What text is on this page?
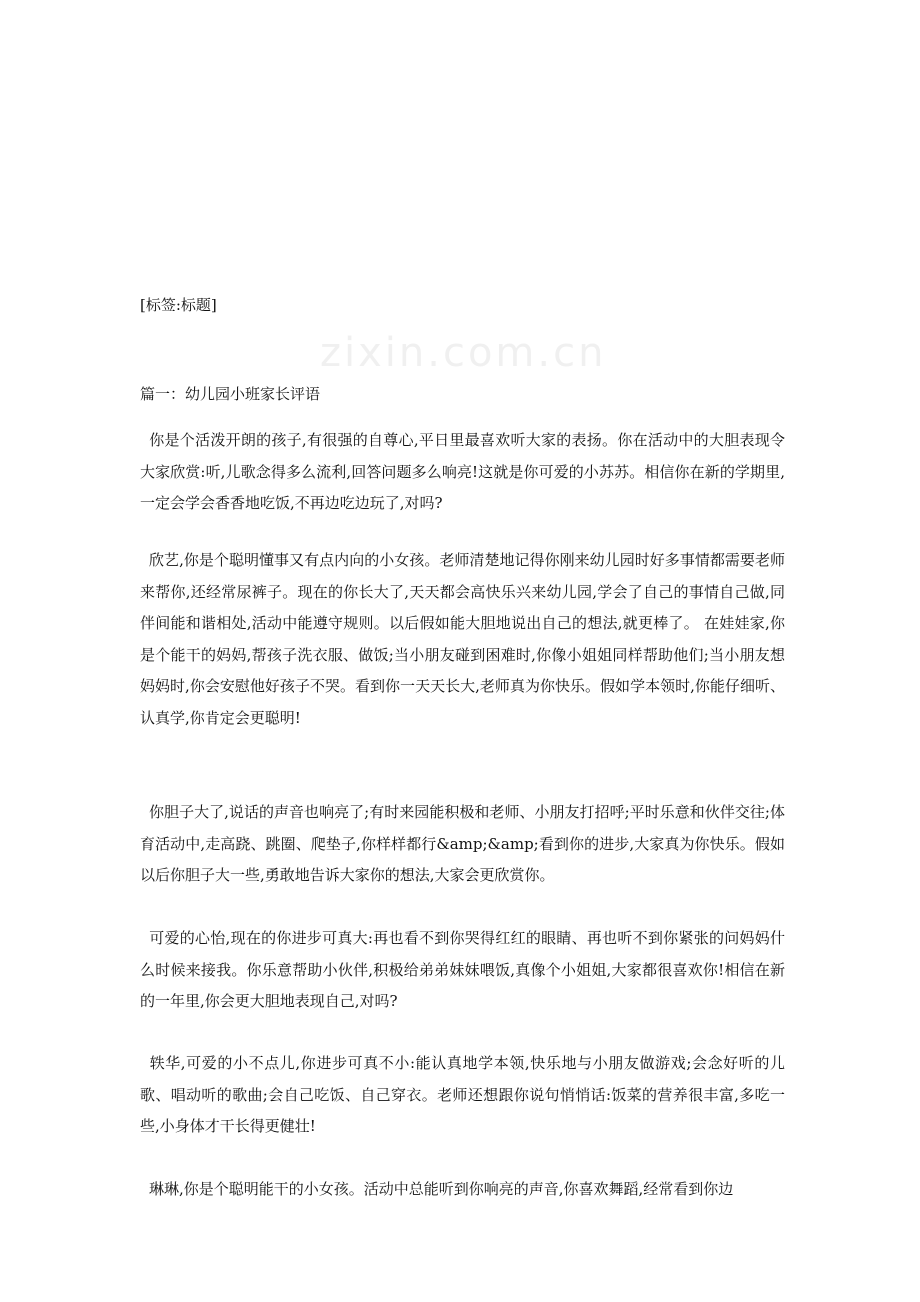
zixin.com.cn
[标签:标题]
篇一：幼儿园小班家长评语

你是个活泼开朗的孩子,有很强的自尊心,平日里最喜欢听大家的表扬。你在活动中的大胆表现令大家欣赏:听,儿歌念得多么流利,回答问题多么响亮!这就是你可爱的小苏苏。相信你在新的学期里,一定会学会香香地吃饭,不再边吃边玩了,对吗?

欣艺,你是个聪明懂事又有点内向的小女孩。老师清楚地记得你刚来幼儿园时好多事情都需要老师来帮你,还经常尿裤子。现在的你长大了,天天都会高快乐兴来幼儿园,学会了自己的事情自己做,同伴间能和谐相处,活动中能遵守规则。以后假如能大胆地说出自己的想法,就更棒了。 在娃娃家,你是个能干的妈妈,帮孩子洗衣服、做饭;当小朋友碰到困难时,你像小姐姐同样帮助他们;当小朋友想妈妈时,你会安慰他好孩子不哭。看到你一天天长大,老师真为你快乐。假如学本领时,你能仔细听、认真学,你肯定会更聪明!

你胆子大了,说话的声音也响亮了;有时来园能积极和老师、小朋友打招呼;平时乐意和伙伴交往;体育活动中,走高跷、跳圈、爬垫子,你样样都行&amp;&amp;看到你的进步,大家真为你快乐。假如以后你胆子大一些,勇敢地告诉大家你的想法,大家会更欣赏你。

可爱的心怡,现在的你进步可真大:再也看不到你哭得红红的眼睛、再也听不到你紧张的问妈妈什么时候来接我。你乐意帮助小伙伴,积极给弟弟妹妹喂饭,真像个小姐姐,大家都很喜欢你!相信在新的一年里,你会更大胆地表现自己,对吗?

轶华,可爱的小不点儿,你进步可真不小:能认真地学本领,快乐地与小朋友做游戏;会念好听的儿歌、唱动听的歌曲;会自己吃饭、自己穿衣。老师还想跟你说句悄悄话:饭菜的营养很丰富,多吃一些,小身体才干长得更健壮!

琳琳,你是个聪明能干的小女孩。活动中总能听到你响亮的声音,你喜欢舞蹈,经常看到你边
